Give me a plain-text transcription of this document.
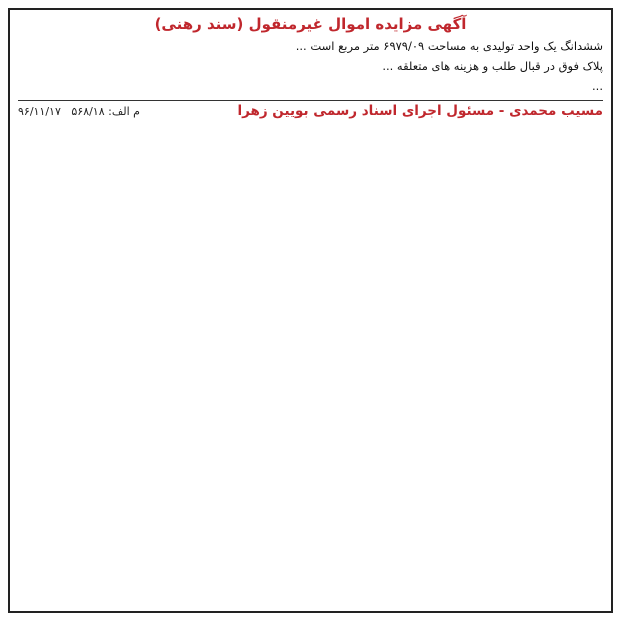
آگهی مزایده اموال غیرمنقول (سند رهنی)

ششدانگ یک واحد تولیدی به مساحت ۶۹۷۹/۰۹ متر مربع است ...

پلاک فوق در قبال طلب و هزینه های متعلقه ...

...

مسیب محمدی - مسئول اجرای اسناد رسمی بویین زهرا
م الف: ۵۶۸/۱۸   ۹۶/۱۱/۱۷
